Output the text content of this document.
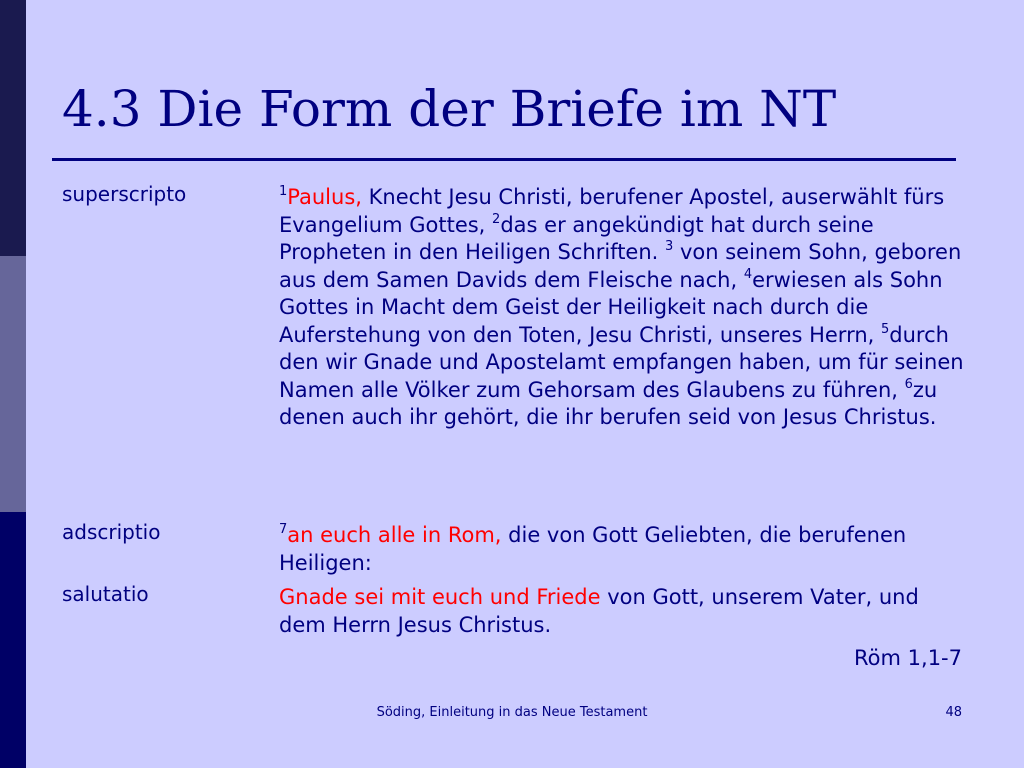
4.3 Die Form der Briefe im NT
superscripto	$^1$Paulus, Knecht Jesu Christi, berufener Apostel, auserwählt fürs Evangelium Gottes, $^2$das er angekündigt hat durch seine Propheten in den Heiligen Schriften. $^3$ von seinem Sohn, geboren aus dem Samen Davids dem Fleische nach, $^4$erwiesen als Sohn Gottes in Macht dem Geist der Heiligkeit nach durch die Auferstehung von den Toten, Jesu Christi, unseres Herrn, $^5$durch den wir Gnade und Apostelamt empfangen haben, um für seinen Namen alle Völker zum Gehorsam des Glaubens zu führen, $^6$zu denen auch ihr gehört, die ihr berufen seid von Jesus Christus.
adscriptio	$^7$an euch alle in Rom, die von Gott Geliebten, die berufenen Heiligen:
salutatio	Gnade sei mit euch und Friede von Gott, unserem Vater, und dem Herrn Jesus Christus.
Röm 1,1-7
Söding, Einleitung in das Neue Testament	48
